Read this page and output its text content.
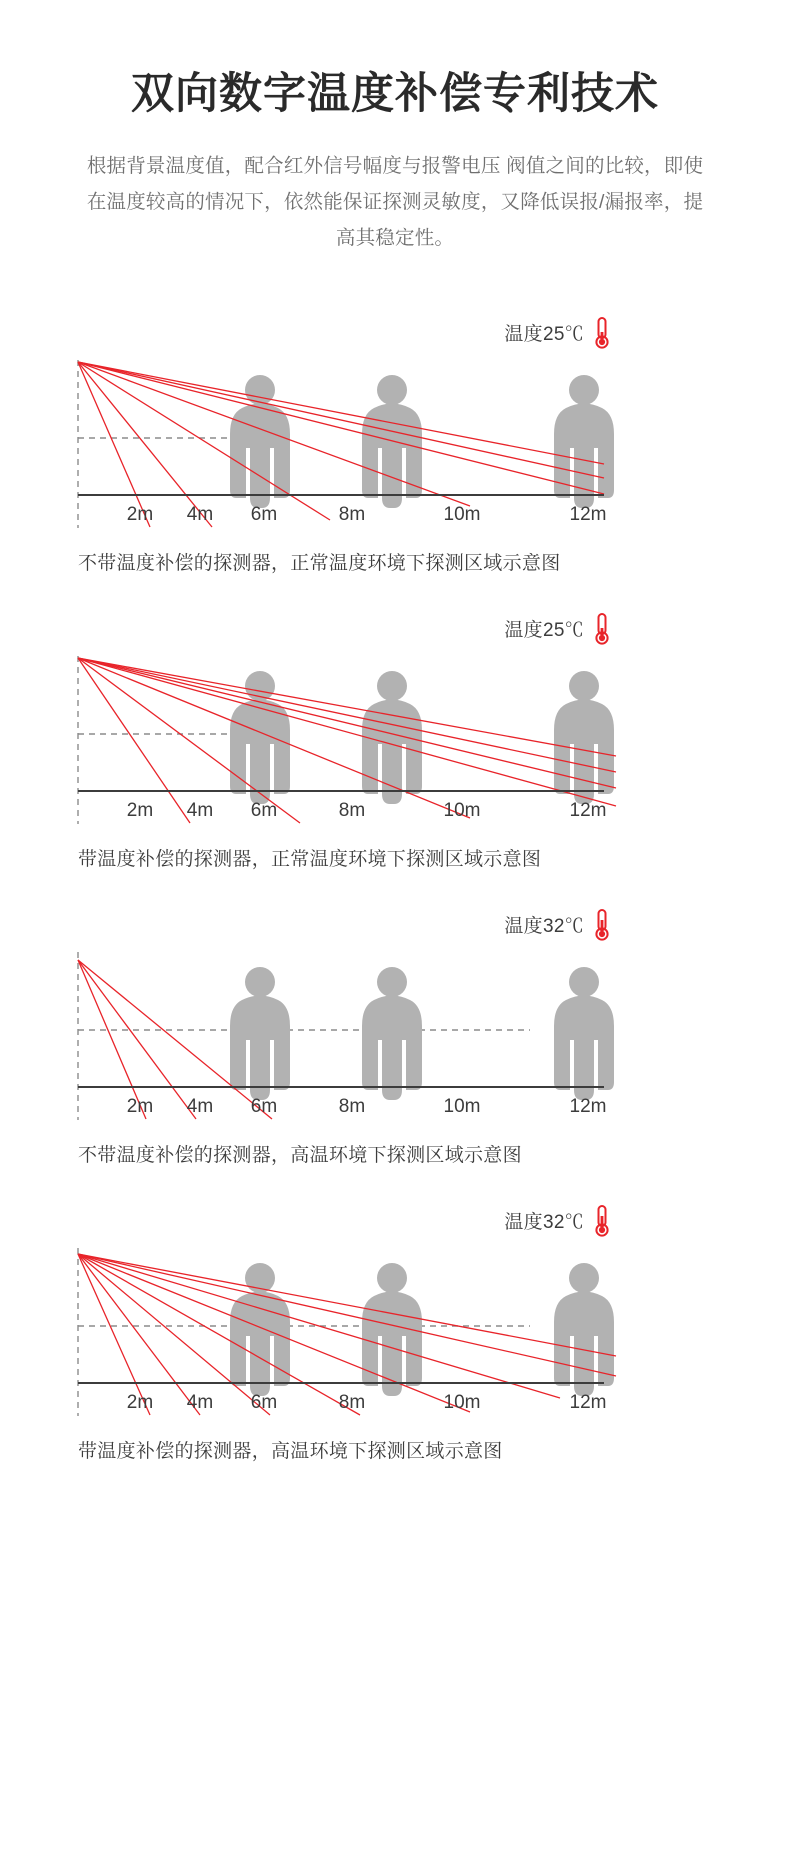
双向数字温度补偿专利技术

根据背景温度值，配合红外信号幅度与报警电压 阀值之间的比较，即使在温度较高的情况下，依然能保证探测灵敏度，又降低误报/漏报率，提高其稳定性。

温度25℃
2m 4m 6m	8m	10m	12m
不带温度补偿的探测器，正常温度环境下探测区域示意图
温度25℃
2m 4m 6m	8m	10m	12m
带温度补偿的探测器，正常温度环境下探测区域示意图
温度32℃
2m 4m 6m	8m	10m	12m
不带温度补偿的探测器，高温环境下探测区域示意图
温度32℃
2m 4m 6m	8m	10m	12m
带温度补偿的探测器，高温环境下探测区域示意图
